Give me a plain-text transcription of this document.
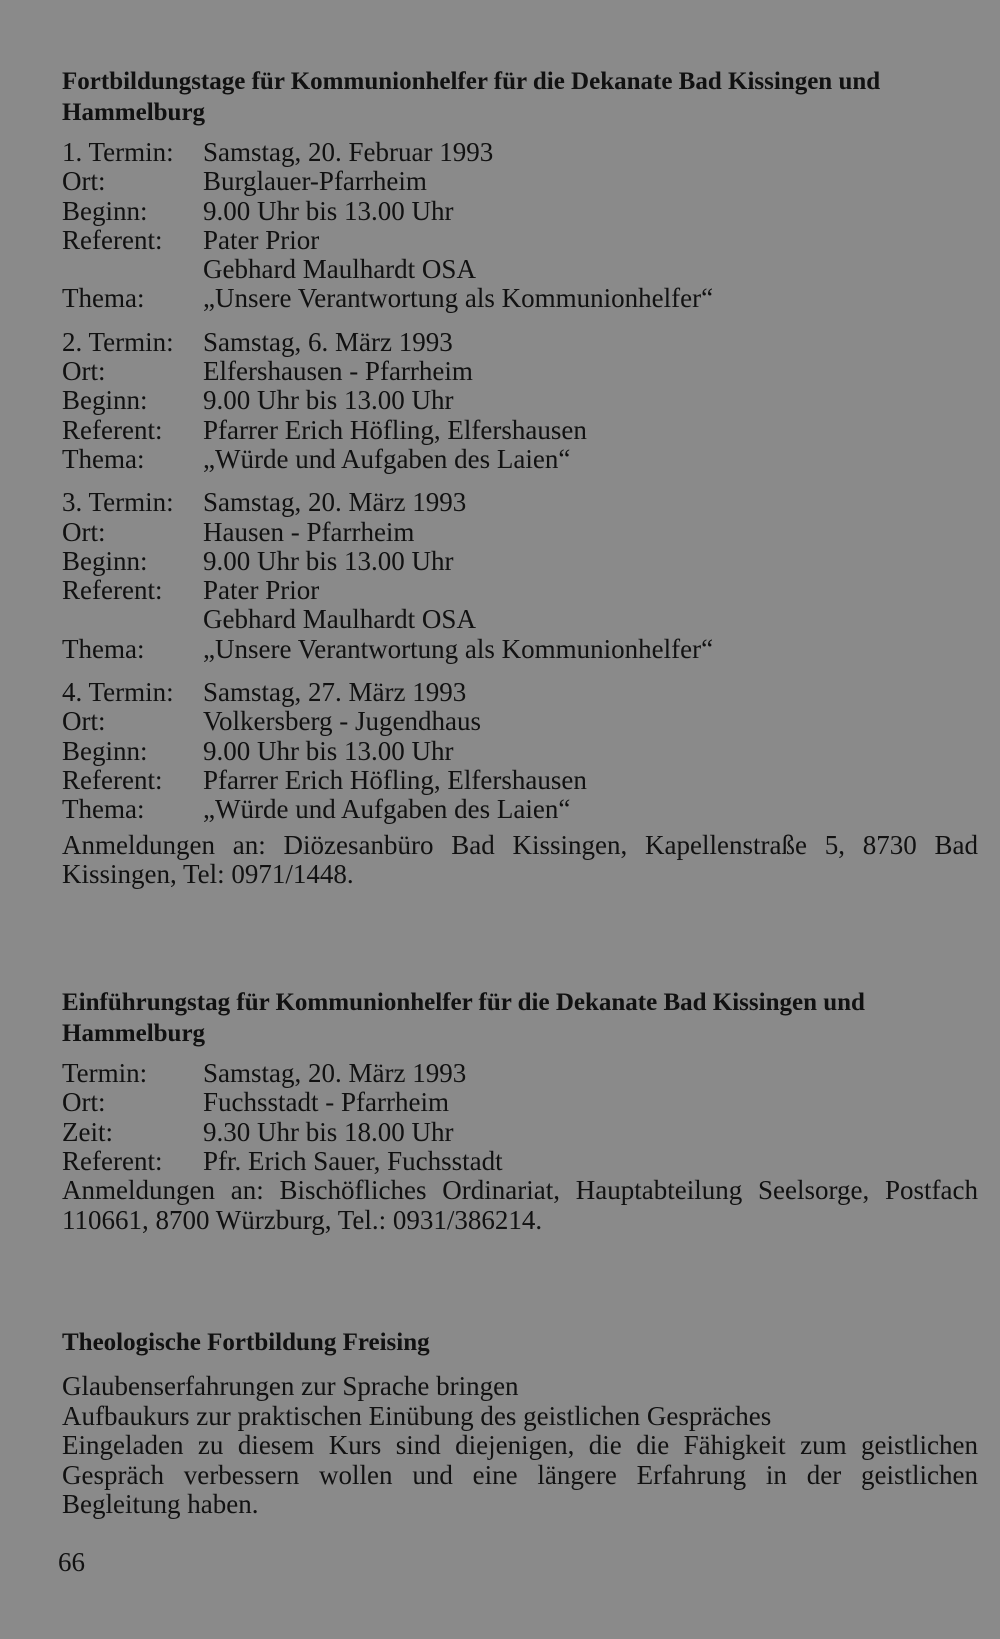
Fortbildungstage für Kommunionhelfer für die Dekanate Bad Kissingen und Hammelburg
1. Termin:	Samstag, 20. Februar 1993
Ort:	Burglauer-Pfarrheim
Beginn:	9.00 Uhr bis 13.00 Uhr
Referent:	Pater Prior
Gebhard Maulhardt OSA
Thema:	„Unsere Verantwortung als Kommunionhelfer“
2. Termin:	Samstag, 6. März 1993
Ort:	Elfershausen - Pfarrheim
Beginn:	9.00 Uhr bis 13.00 Uhr
Referent:	Pfarrer Erich Höfling, Elfershausen
Thema:	„Würde und Aufgaben des Laien“
3. Termin:	Samstag, 20. März 1993
Ort:	Hausen - Pfarrheim
Beginn:	9.00 Uhr bis 13.00 Uhr
Referent:	Pater Prior
Gebhard Maulhardt OSA
Thema:	„Unsere Verantwortung als Kommunionhelfer“
4. Termin:	Samstag, 27. März 1993
Ort:	Volkersberg - Jugendhaus
Beginn:	9.00 Uhr bis 13.00 Uhr
Referent:	Pfarrer Erich Höfling, Elfershausen
Thema:	„Würde und Aufgaben des Laien“
Anmeldungen an: Diözesanbüro Bad Kissingen, Kapellenstraße 5, 8730 Bad Kissingen, Tel: 0971/1448.
Einführungstag für Kommunionhelfer für die Dekanate Bad Kissingen und Hammelburg
Termin:	Samstag, 20. März 1993
Ort:	Fuchsstadt - Pfarrheim
Zeit:	9.30 Uhr bis 18.00 Uhr
Referent:	Pfr. Erich Sauer, Fuchsstadt
Anmeldungen an: Bischöfliches Ordinariat, Hauptabteilung Seelsorge, Postfach 110661, 8700 Würzburg, Tel.: 0931/386214.
Theologische Fortbildung Freising
Glaubenserfahrungen zur Sprache bringen
Aufbaukurs zur praktischen Einübung des geistlichen Gespräches
Eingeladen zu diesem Kurs sind diejenigen, die die Fähigkeit zum geistlichen Gespräch verbessern wollen und eine längere Erfahrung in der geistlichen Begleitung haben.
66
